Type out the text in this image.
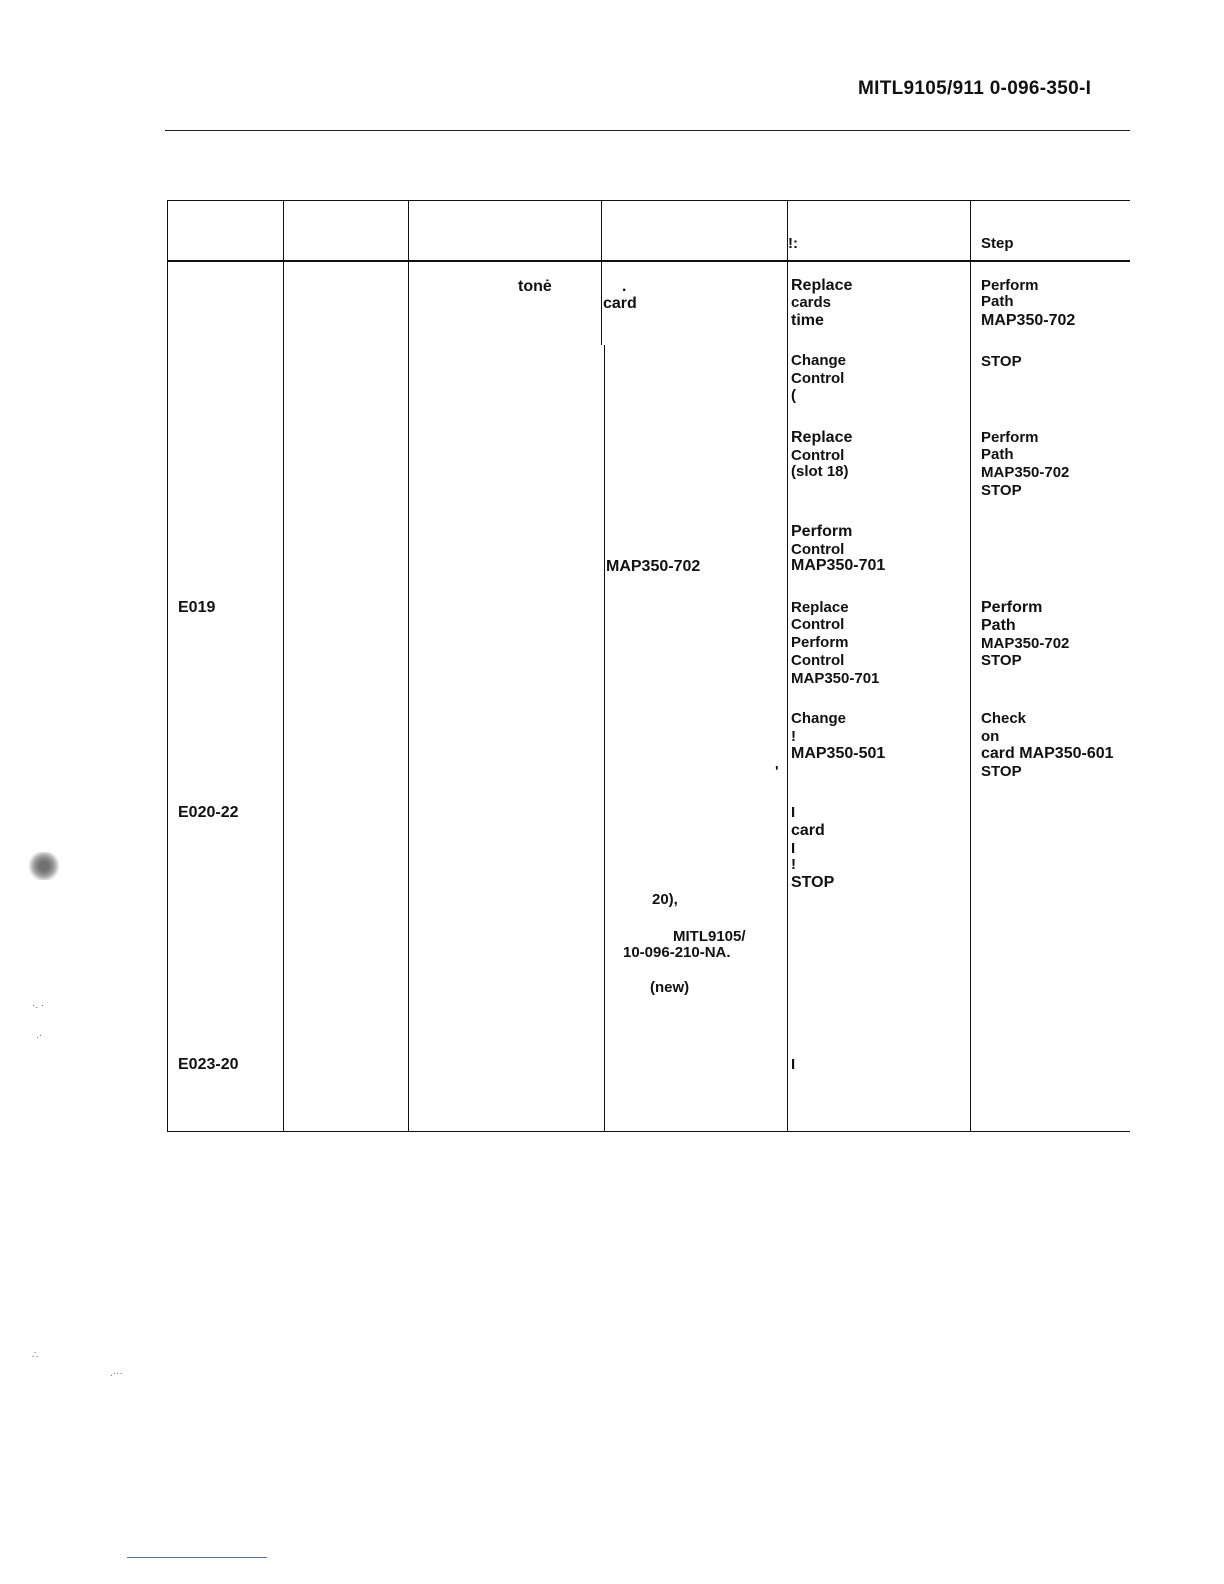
MITL9105/911 0-096-350-I
!:	Step
E019
E020-22
E023-20
tonė	.
card
MAP350-702
20),
MITL9105/
10-096-210-NA.
(new)
Replace
cards
time
Change
Control
(
Replace
Control
(slot 18)
Perform
Control
MAP350-701
Replace
Control
Perform
Control
MAP350-701
Change
!
MAP350-501
'
I
card
I
!
STOP
I
Perform
Path
MAP350-702
STOP
Perform
Path
MAP350-702
STOP
Perform
Path
MAP350-702
STOP
Check
on
card MAP350-601
STOP
·. ·
.·
∴
.···
